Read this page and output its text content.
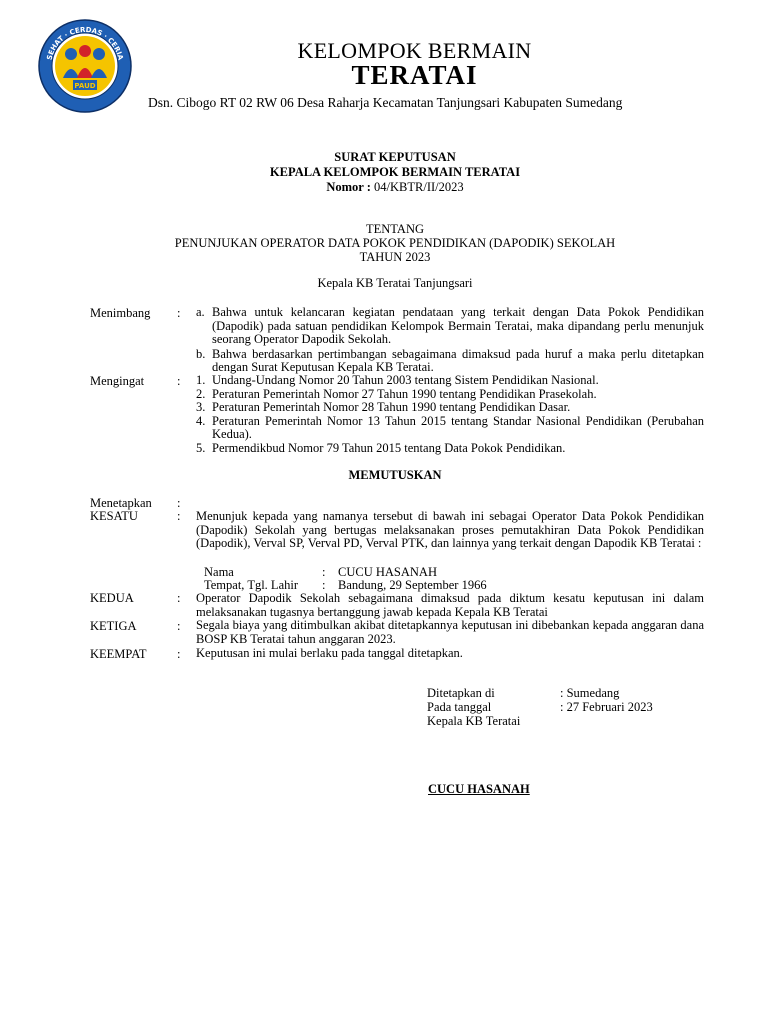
PAUD
SEHAT · CERDAS · CERIA	KELOMPOK BERMAIN
TERATAI
Dsn. Cibogo RT 02 RW 06 Desa Raharja Kecamatan Tanjungsari Kabupaten Sumedang
SURAT KEPUTUSAN
KEPALA KELOMPOK BERMAIN TERATAI
Nomor : 04/KBTR/II/2023
TENTANG
PENUNJUKAN OPERATOR DATA POKOK PENDIDIKAN (DAPODIK) SEKOLAH
TAHUN 2023
Kepala KB Teratai Tanjungsari
Menimbang : a. Bahwa untuk kelancaran kegiatan pendataan yang terkait dengan Data Pokok Pendidikan (Dapodik) pada satuan pendidikan Kelompok Bermain Teratai, maka dipandang perlu menunjuk seorang Operator Dapodik Sekolah.
b. Bahwa berdasarkan pertimbangan sebagaimana dimaksud pada huruf a maka perlu ditetapkan dengan Surat Keputusan Kepala KB Teratai.
Mengingat	: 1. Undang-Undang Nomor 20 Tahun 2003 tentang Sistem Pendidikan Nasional.
2. Peraturan Pemerintah Nomor 27 Tahun 1990 tentang Pendidikan Prasekolah.
3. Peraturan Pemerintah Nomor 28 Tahun 1990 tentang Pendidikan Dasar.
4. Peraturan Pemerintah Nomor 13 Tahun 2015 tentang Standar Nasional Pendidikan (Perubahan Kedua).
5. Permendikbud Nomor 79 Tahun 2015 tentang Data Pokok Pendidikan.
MEMUTUSKAN
Menetapkan :
KESATU	: Menunjuk kepada yang namanya tersebut di bawah ini sebagai Operator Data Pokok Pendidikan (Dapodik) Sekolah yang bertugas melaksanakan proses pemutakhiran Data Pokok Pendidikan (Dapodik), Verval SP, Verval PD, Verval PTK, dan lainnya yang terkait dengan Dapodik KB Teratai :
Nama	: CUCU HASANAH
Tempat, Tgl. Lahir : Bandung, 29 September 1966
KEDUA	: Operator Dapodik Sekolah sebagaimana dimaksud pada diktum kesatu keputusan ini dalam melaksanakan tugasnya bertanggung jawab kepada Kepala KB Teratai
KETIGA	: Segala biaya yang ditimbulkan akibat ditetapkannya keputusan ini dibebankan kepada anggaran dana BOSP KB Teratai tahun anggaran 2023.
KEEMPAT : Keputusan ini mulai berlaku pada tanggal ditetapkan.
Ditetapkan di	: Sumedang
Pada tanggal	: 27 Februari 2023
Kepala KB Teratai
CUCU HASANAH
